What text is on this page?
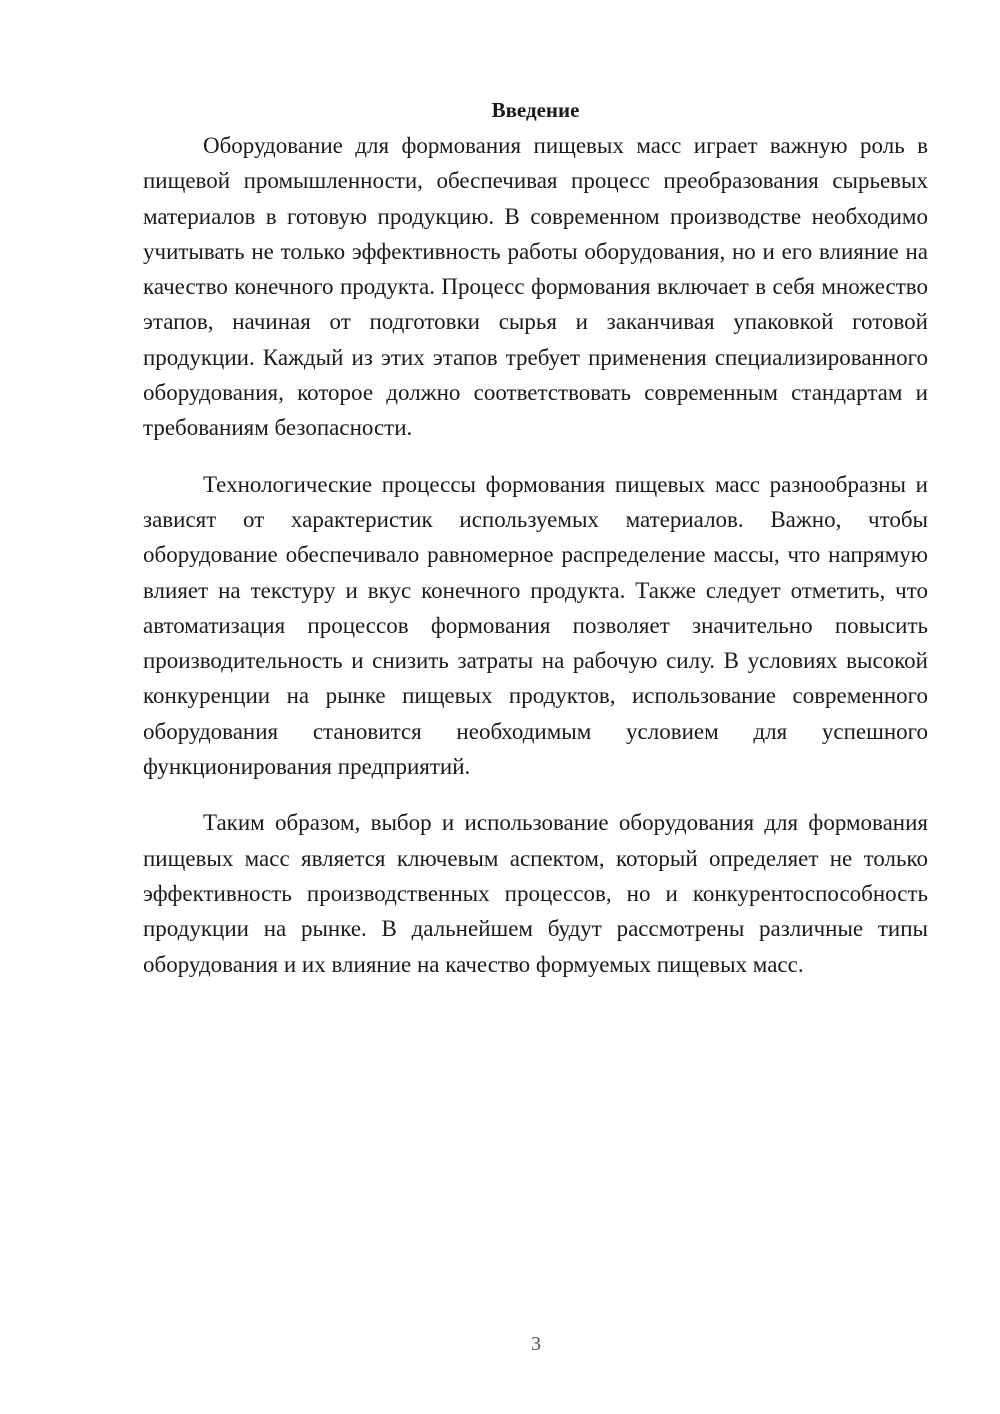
Введение

Оборудование для формования пищевых масс играет важную роль в пищевой промышленности, обеспечивая процесс преобразования сырьевых материалов в готовую продукцию. В современном производстве необходимо учитывать не только эффективность работы оборудования, но и его влияние на качество конечного продукта. Процесс формования включает в себя множество этапов, начиная от подготовки сырья и заканчивая упаковкой готовой продукции. Каждый из этих этапов требует применения специализированного оборудования, которое должно соответствовать современным стандартам и требованиям безопасности.

Технологические процессы формования пищевых масс разнообразны и зависят от характеристик используемых материалов. Важно, чтобы оборудование обеспечивало равномерное распределение массы, что напрямую влияет на текстуру и вкус конечного продукта. Также следует отметить, что автоматизация процессов формования позволяет значительно повысить производительность и снизить затраты на рабочую силу. В условиях высокой конкуренции на рынке пищевых продуктов, использование современного оборудования становится необходимым условием для успешного функционирования предприятий.

Таким образом, выбор и использование оборудования для формования пищевых масс является ключевым аспектом, который определяет не только эффективность производственных процессов, но и конкурентоспособность продукции на рынке. В дальнейшем будут рассмотрены различные типы оборудования и их влияние на качество формуемых пищевых масс.

3
